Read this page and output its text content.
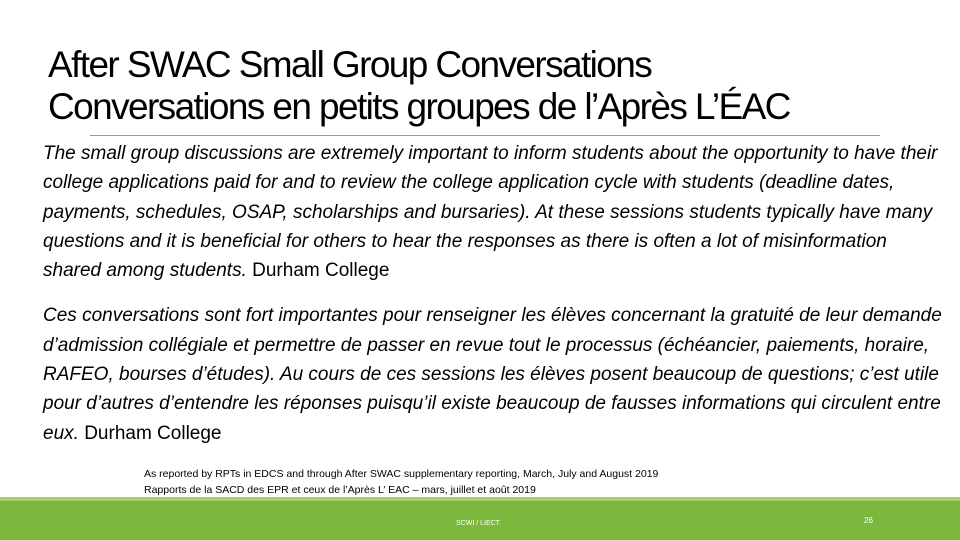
After SWAC Small Group Conversations
Conversations en petits groupes de l’Après L’ÉAC

The small group discussions are extremely important to inform students about the opportunity to have their college applications paid for and to review the college application cycle with students (deadline dates, payments, schedules, OSAP, scholarships and bursaries). At these sessions students typically have many questions and it is beneficial for others to hear the responses as there is often a lot of misinformation shared among students. Durham College

Ces conversations sont fort importantes pour renseigner les élèves concernant la gratuité de leur demande d’admission collégiale et permettre de passer en revue tout le processus (échéancier, paiements, horaire, RAFEO, bourses d’études). Au cours de ces sessions les élèves posent beaucoup de questions; c’est utile pour d’autres d’entendre les réponses puisqu’il existe beaucoup de fausses informations qui circulent entre eux. Durham College

As reported by RPTs in EDCS and through After SWAC supplementary reporting, March, July and August 2019
Rapports de la SACD des EPR et ceux de l’Après L’ EAC – mars, juillet et août 2019
SCWI / LIECT	26
